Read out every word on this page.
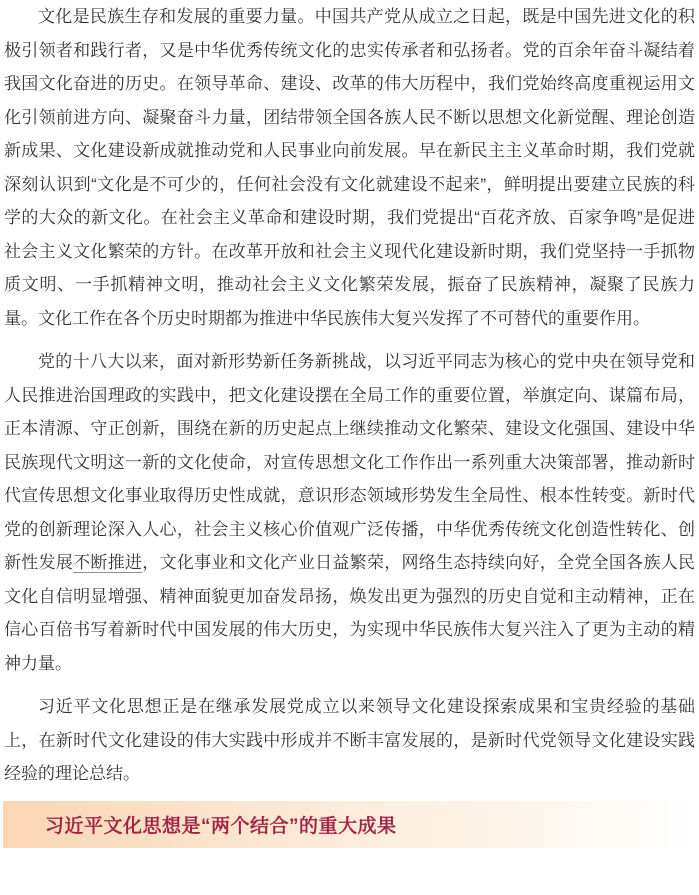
文化是民族生存和发展的重要力量。中国共产党从成立之日起，既是中国先进文化的积极引领者和践行者，又是中华优秀传统文化的忠实传承者和弘扬者。党的百余年奋斗凝结着我国文化奋进的历史。在领导革命、建设、改革的伟大历程中，我们党始终高度重视运用文化引领前进方向、凝聚奋斗力量，团结带领全国各族人民不断以思想文化新觉醒、理论创造新成果、文化建设新成就推动党和人民事业向前发展。早在新民主主义革命时期，我们党就深刻认识到“文化是不可少的，任何社会没有文化就建设不起来”，鲜明提出要建立民族的科学的大众的新文化。在社会主义革命和建设时期，我们党提出“百花齐放、百家争鸣”是促进社会主义文化繁荣的方针。在改革开放和社会主义现代化建设新时期，我们党坚持一手抓物质文明、一手抓精神文明，推动社会主义文化繁荣发展，振奋了民族精神，凝聚了民族力量。文化工作在各个历史时期都为推进中华民族伟大复兴发挥了不可替代的重要作用。

党的十八大以来，面对新形势新任务新挑战，以习近平同志为核心的党中央在领导党和人民推进治国理政的实践中，把文化建设摆在全局工作的重要位置，举旗定向、谋篇布局，正本清源、守正创新，围绕在新的历史起点上继续推动文化繁荣、建设文化强国、建设中华民族现代文明这一新的文化使命，对宣传思想文化工作作出一系列重大决策部署，推动新时代宣传思想文化事业取得历史性成就，意识形态领域形势发生全局性、根本性转变。新时代党的创新理论深入人心，社会主义核心价值观广泛传播，中华优秀传统文化创造性转化、创新性发展不断推进，文化事业和文化产业日益繁荣，网络生态持续向好，全党全国各族人民文化自信明显增强、精神面貌更加奋发昂扬，焕发出更为强烈的历史自觉和主动精神，正在信心百倍书写着新时代中国发展的伟大历史，为实现中华民族伟大复兴注入了更为主动的精神力量。

习近平文化思想正是在继承发展党成立以来领导文化建设探索成果和宝贵经验的基础上，在新时代文化建设的伟大实践中形成并不断丰富发展的，是新时代党领导文化建设实践经验的理论总结。

习近平文化思想是“两个结合”的重大成果
